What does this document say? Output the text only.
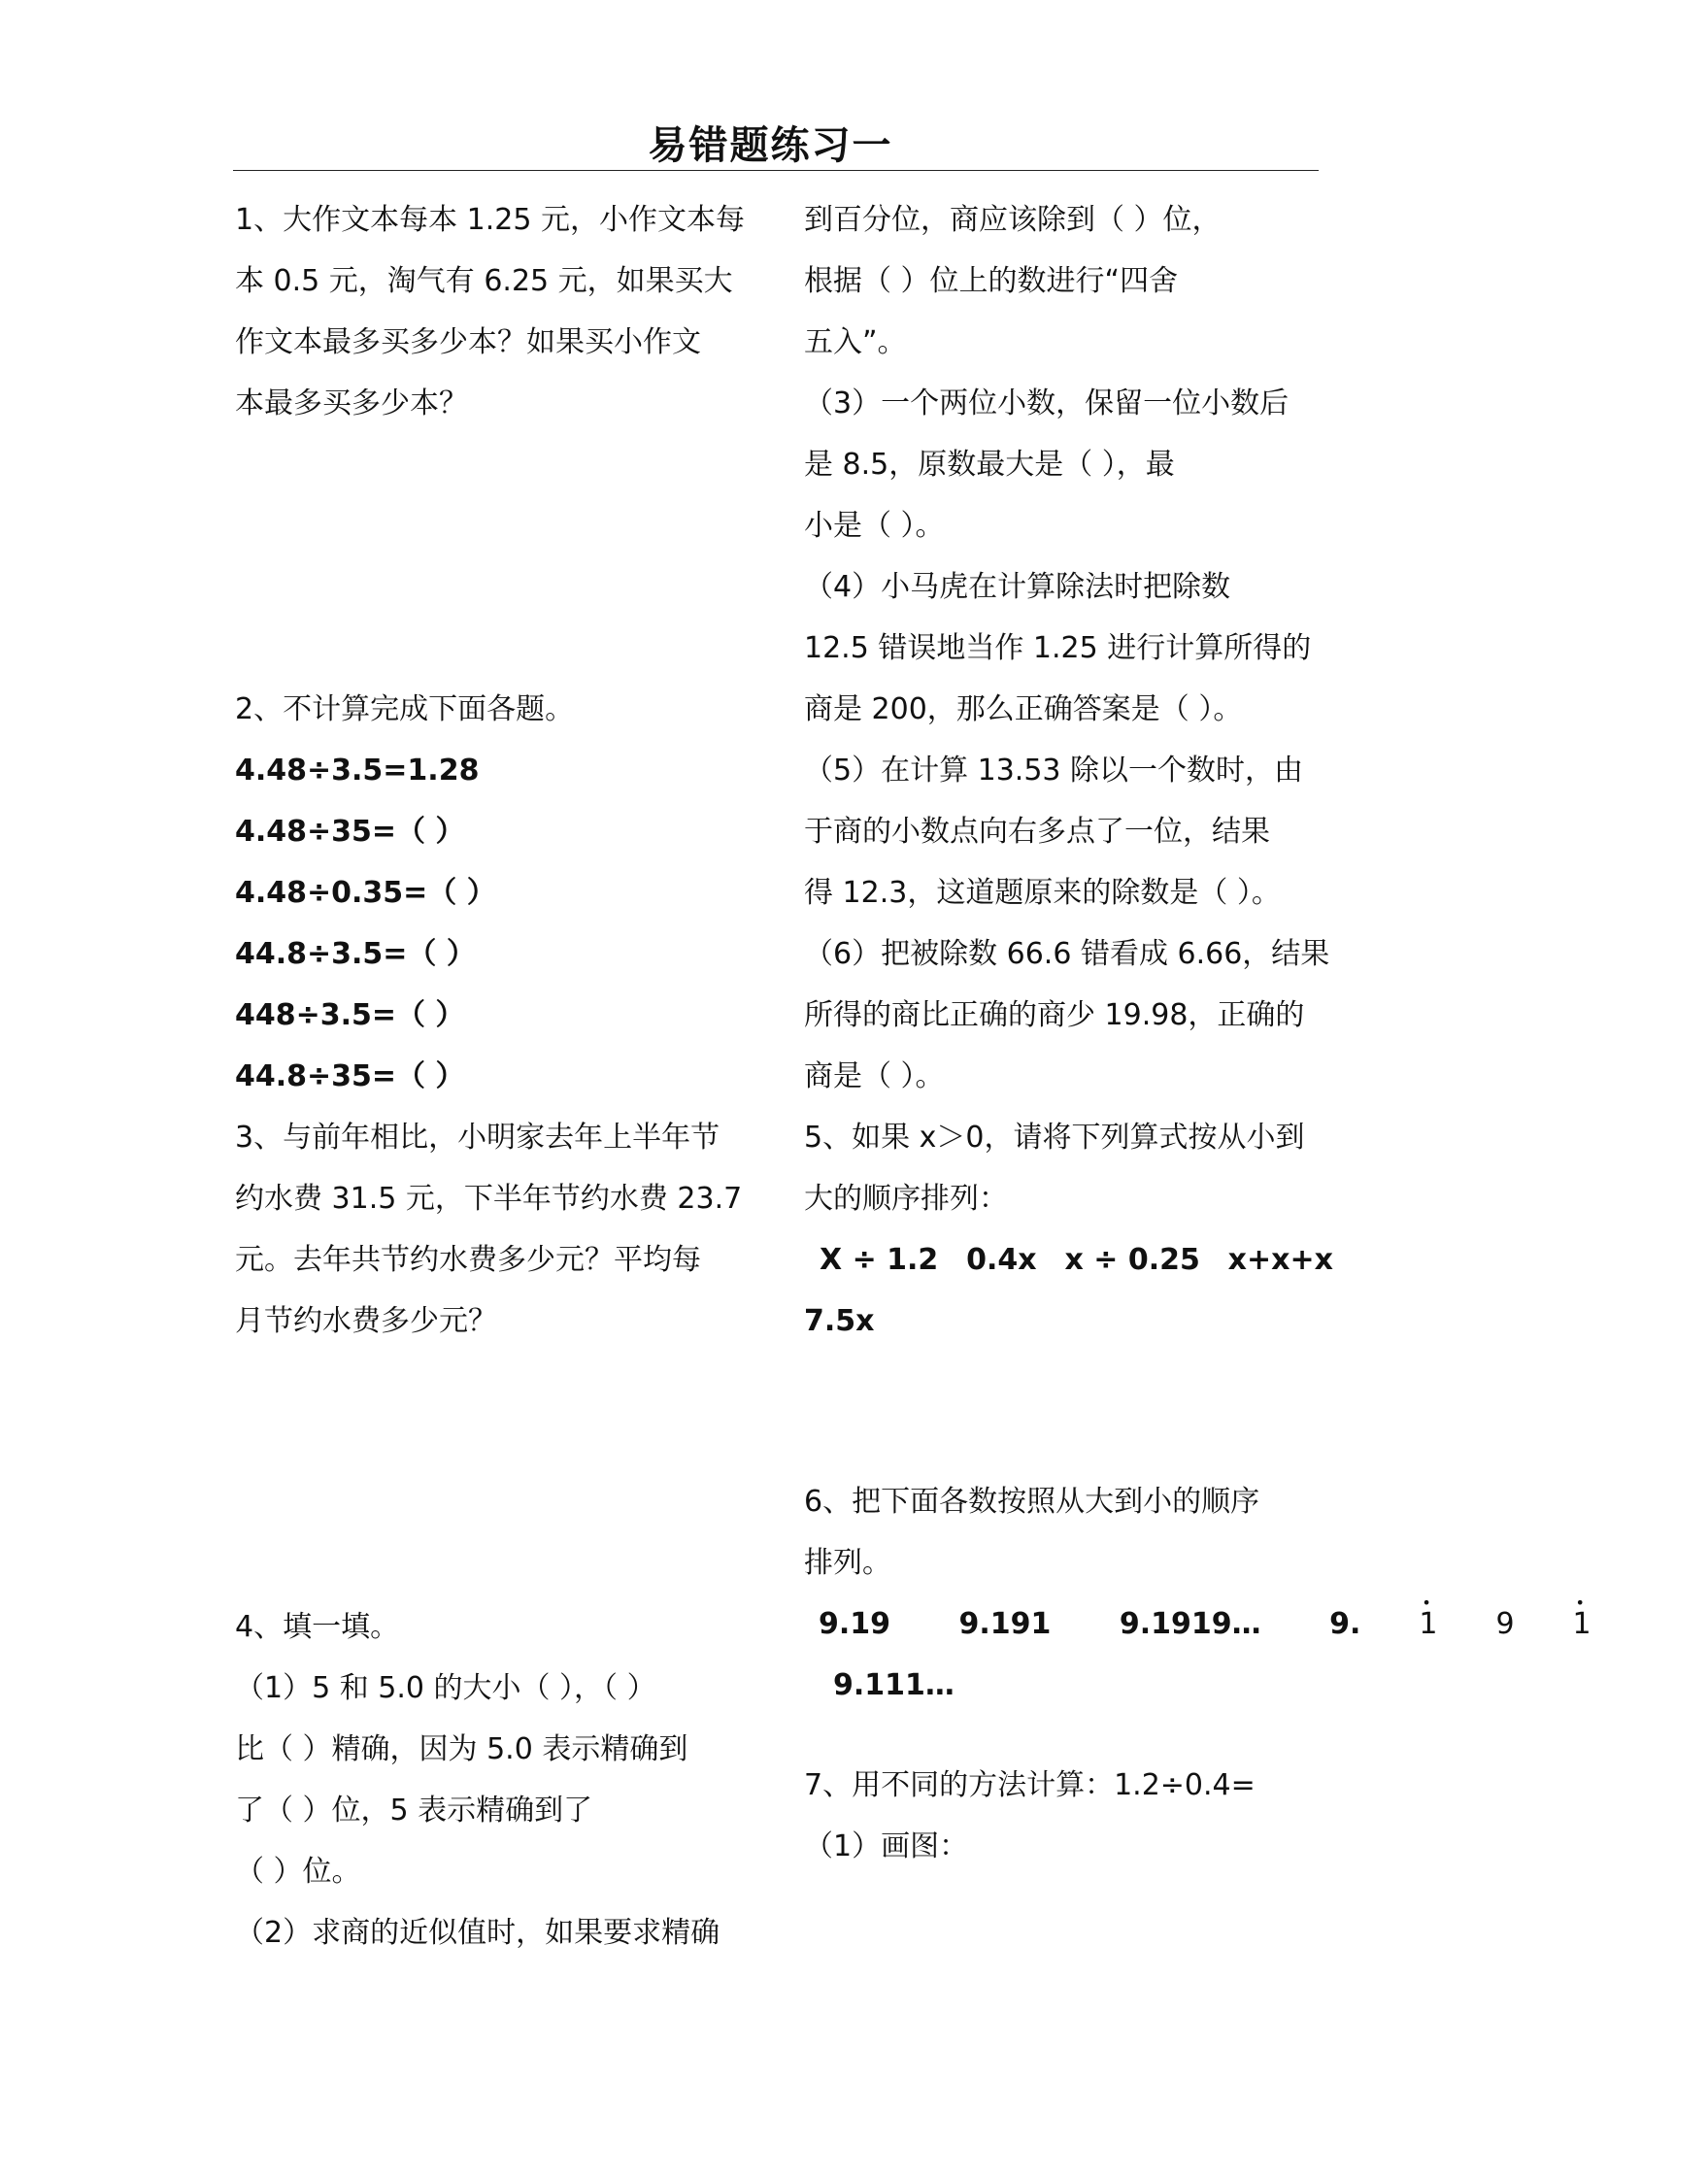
易错题练习一
1、大作文本每本 1.25 元，小作文本每
本 0.5 元，淘气有 6.25 元，如果买大
作文本最多买多少本？如果买小作文
本最多买多少本？
2、不计算完成下面各题。
4.48÷3.5=1.28
4.48÷35=（ ）
4.48÷0.35=（ ）
44.8÷3.5=（ ）
448÷3.5=（ ）
44.8÷35=（ ）
3、与前年相比，小明家去年上半年节
约水费 31.5 元，下半年节约水费 23.7
元。去年共节约水费多少元？平均每
月节约水费多少元？
4、填一填。
（1）5 和 5.0 的大小（ ），（ ）
比（ ）精确，因为 5.0 表示精确到
了（ ）位，5 表示精确到了
（ ）位。
（2）求商的近似值时，如果要求精确
到百分位，商应该除到（ ）位，
根据（ ）位上的数进行“四舍
五入”。
（3）一个两位小数，保留一位小数后
是 8.5，原数最大是（ ），最
小是（ ）。
（4）小马虎在计算除法时把除数
12.5 错误地当作 1.25 进行计算所得的
商是 200，那么正确答案是（ ）。
（5）在计算 13.53 除以一个数时，由
于商的小数点向右多点了一位，结果
得 12.3，这道题原来的除数是（ ）。
（6）把被除数 66.6 错看成 6.66，结果
所得的商比正确的商少 19.98，正确的
商是（ ）。
5、如果 x＞0，请将下列算式按从小到
大的顺序排列：
X ÷ 1.2 0.4x x ÷ 0.25 x+x+x
7.5x
6、把下面各数按照从大到小的顺序
排列。
9.19 9.191 9.1919… 9. • 1 9 • 1
9.111…
7、用不同的方法计算：1.2÷0.4=
（1）画图：
